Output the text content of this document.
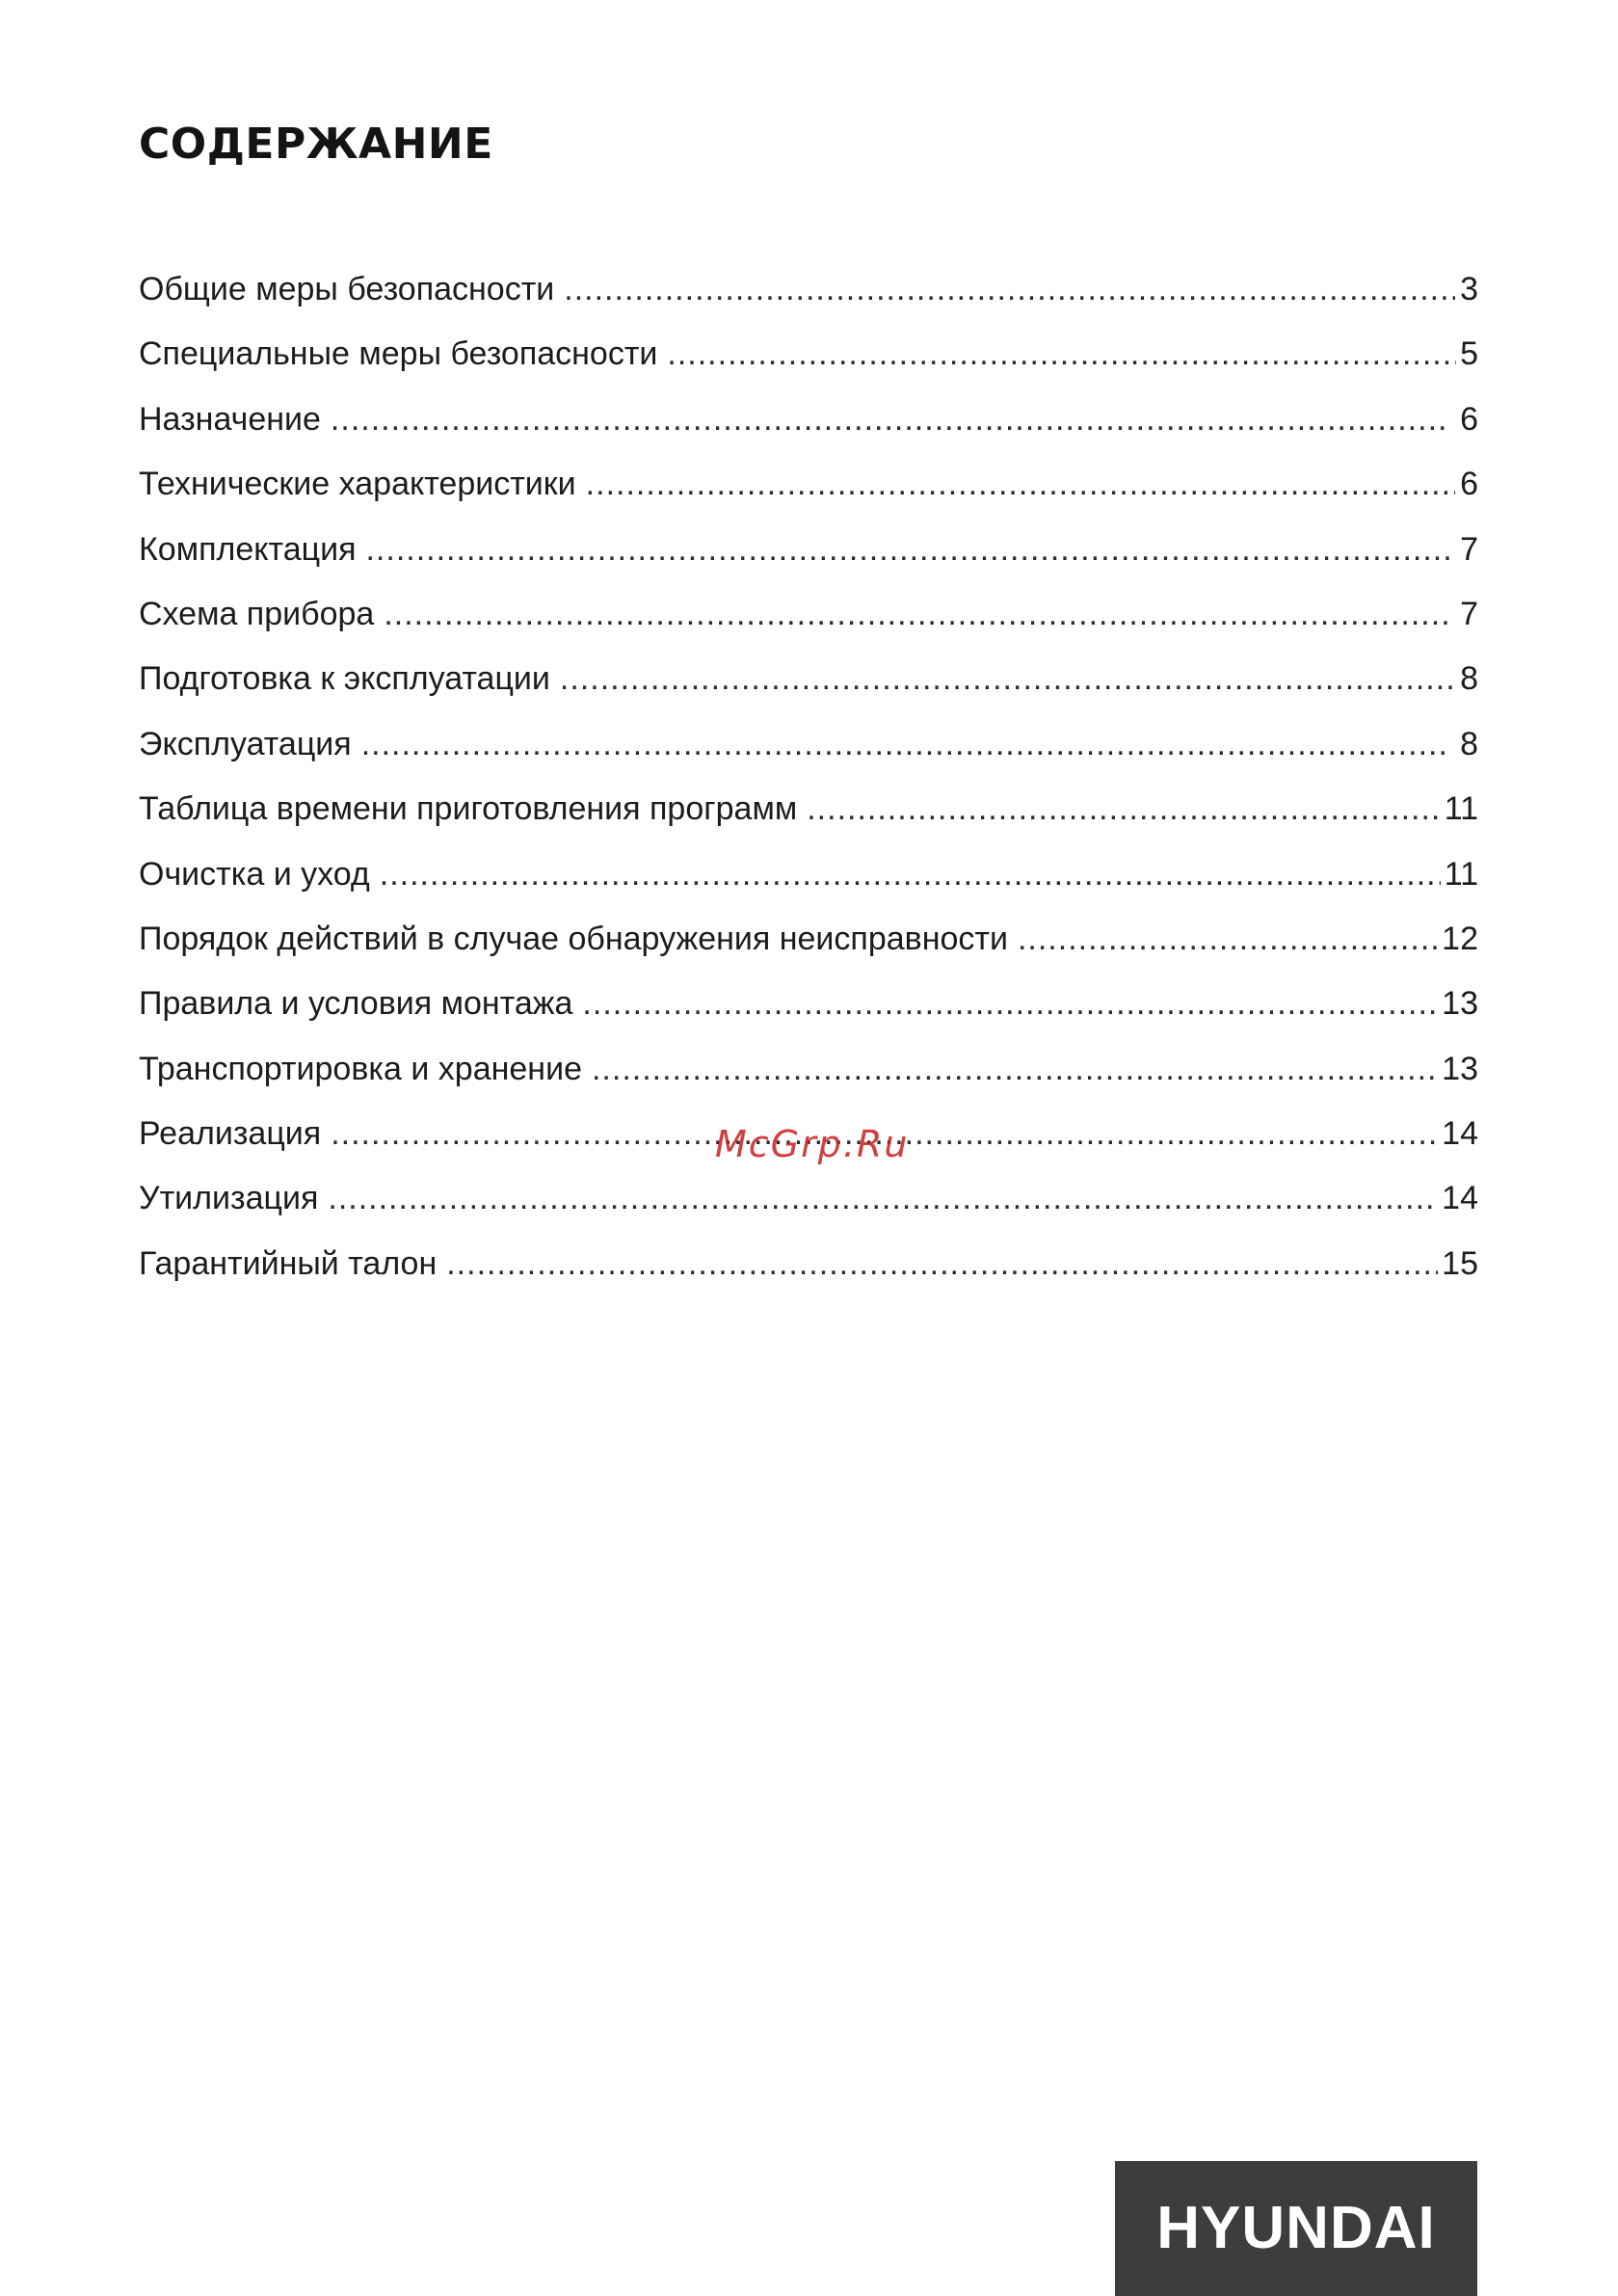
СОДЕРЖАНИЕ
Общие меры безопасности .....	3
Специальные меры безопасности .....	5
Назначение .....	6
Технические характеристики .....	6
Комплектация .....	7
Схема прибора .....	7
Подготовка к эксплуатации .....	8
Эксплуатация .....	8
Таблица времени приготовления программ .....	11
Очистка и уход .....	11
Порядок действий в случае обнаружения неисправности .....	12
Правила и условия монтажа .....	13
Транспортировка и хранение .....	13
Реализация .....	14
Утилизация .....	14
Гарантийный талон .....	15
McGrp.Ru
HYUNDAI
